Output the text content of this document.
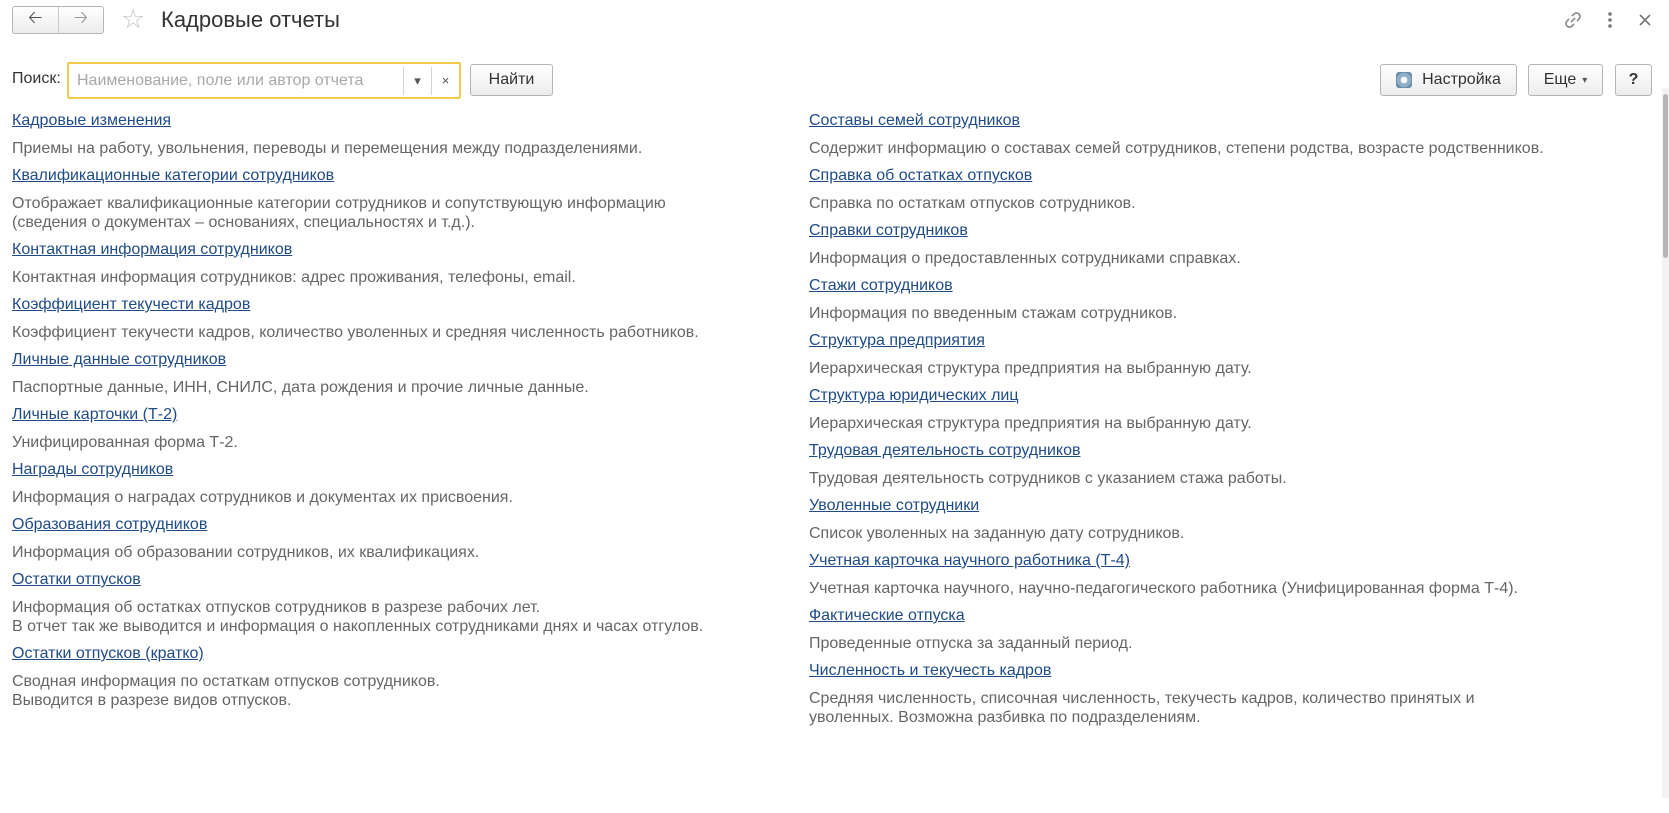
🡠 🡢 ☆ Кадровые отчеты
Поиск:
Наименование, поле или автор отчета	▾ × Найти	Настройка	Еще ▾	?
Кадровые изменения
Приемы на работу, увольнения, переводы и перемещения между подразделениями.
Квалификационные категории сотрудников
Отображает квалификационные категории сотрудников и сопутствующую информацию
(сведения о документах – основаниях, специальностях и т.д.).
Контактная информация сотрудников
Контактная информация сотрудников: адрес проживания, телефоны, email.
Коэффициент текучести кадров
Коэффициент текучести кадров, количество уволенных и средняя численность работников.
Личные данные сотрудников
Паспортные данные, ИНН, СНИЛС, дата рождения и прочие личные данные.
Личные карточки (Т-2)
Унифицированная форма Т-2.
Награды сотрудников
Информация о наградах сотрудников и документах их присвоения.
Образования сотрудников
Информация об образовании сотрудников, их квалификациях.
Остатки отпусков
Информация об остатках отпусков сотрудников в разрезе рабочих лет.
В отчет так же выводится и информация о накопленных сотрудниками днях и часах отгулов.
Остатки отпусков (кратко)
Сводная информация по остаткам отпусков сотрудников.
Выводится в разрезе видов отпусков.
Составы семей сотрудников
Содержит информацию о составах семей сотрудников, степени родства, возрасте родственников.
Справка об остатках отпусков
Справка по остаткам отпусков сотрудников.
Справки сотрудников
Информация о предоставленных сотрудниками справках.
Стажи сотрудников
Информация по введенным стажам сотрудников.
Структура предприятия
Иерархическая структура предприятия на выбранную дату.
Структура юридических лиц
Иерархическая структура предприятия на выбранную дату.
Трудовая деятельность сотрудников
Трудовая деятельность сотрудников с указанием стажа работы.
Уволенные сотрудники
Список уволенных на заданную дату сотрудников.
Учетная карточка научного работника (Т-4)
Учетная карточка научного, научно-педагогического работника (Унифицированная форма Т-4).
Фактические отпуска
Проведенные отпуска за заданный период.
Численность и текучесть кадров
Средняя численность, списочная численность, текучесть кадров, количество принятых и
уволенных. Возможна разбивка по подразделениям.
